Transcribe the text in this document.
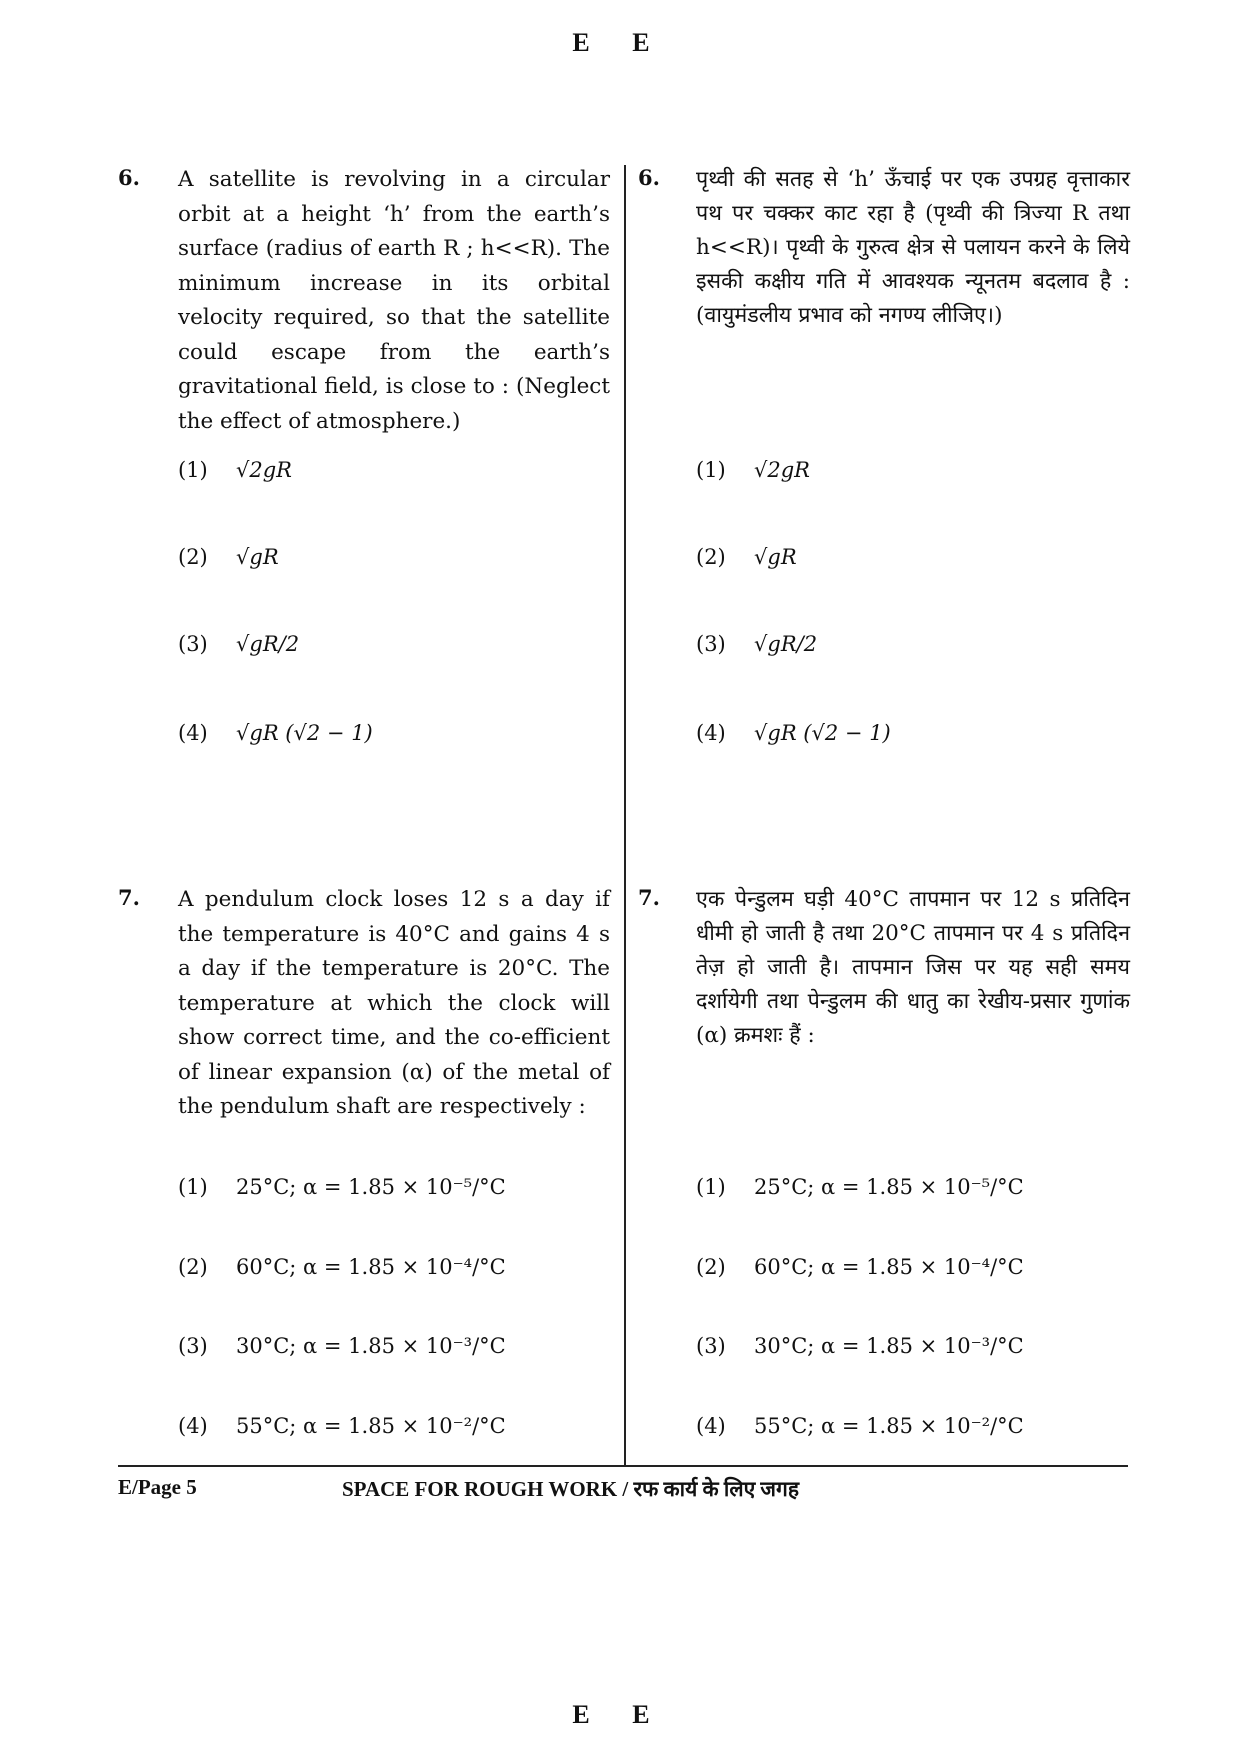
E E
6. A satellite is revolving in a circular orbit at a height ‘h’ from the earth’s surface (radius of earth R ; h<<R). The minimum increase in its orbital velocity required, so that the satellite could escape from the earth’s gravitational field, is close to : (Neglect the effect of atmosphere.)
(1) √2gR
(2) √gR
(3) √gR/2
(4) √gR (√2 − 1)
7. A pendulum clock loses 12 s a day if the temperature is 40°C and gains 4 s a day if the temperature is 20°C. The temperature at which the clock will show correct time, and the co-efficient of linear expansion (α) of the metal of the pendulum shaft are respectively :
(1) 25°C; α = 1.85 × 10⁻⁵/°C
(2) 60°C; α = 1.85 × 10⁻⁴/°C
(3) 30°C; α = 1.85 × 10⁻³/°C
(4) 55°C; α = 1.85 × 10⁻²/°C
6. पृथ्वी की सतह से ‘h’ ऊँचाई पर एक उपग्रह वृत्ताकार पथ पर चक्कर काट रहा है (पृथ्वी की त्रिज्या R तथा h<<R)। पृथ्वी के गुरुत्व क्षेत्र से पलायन करने के लिये इसकी कक्षीय गति में आवश्यक न्यूनतम बदलाव है : (वायुमंडलीय प्रभाव को नगण्य लीजिए।)
(1) √2gR
(2) √gR
(3) √gR/2
(4) √gR (√2 − 1)
7. एक पेन्डुलम घड़ी 40°C तापमान पर 12 s प्रतिदिन धीमी हो जाती है तथा 20°C तापमान पर 4 s प्रतिदिन तेज़ हो जाती है। तापमान जिस पर यह सही समय दर्शायेगी तथा पेन्डुलम की धातु का रेखीय-प्रसार गुणांक (α) क्रमशः हैं :
(1) 25°C; α = 1.85 × 10⁻⁵/°C
(2) 60°C; α = 1.85 × 10⁻⁴/°C
(3) 30°C; α = 1.85 × 10⁻³/°C
(4) 55°C; α = 1.85 × 10⁻²/°C
E/Page 5	SPACE FOR ROUGH WORK / रफ कार्य के लिए जगह
E E
